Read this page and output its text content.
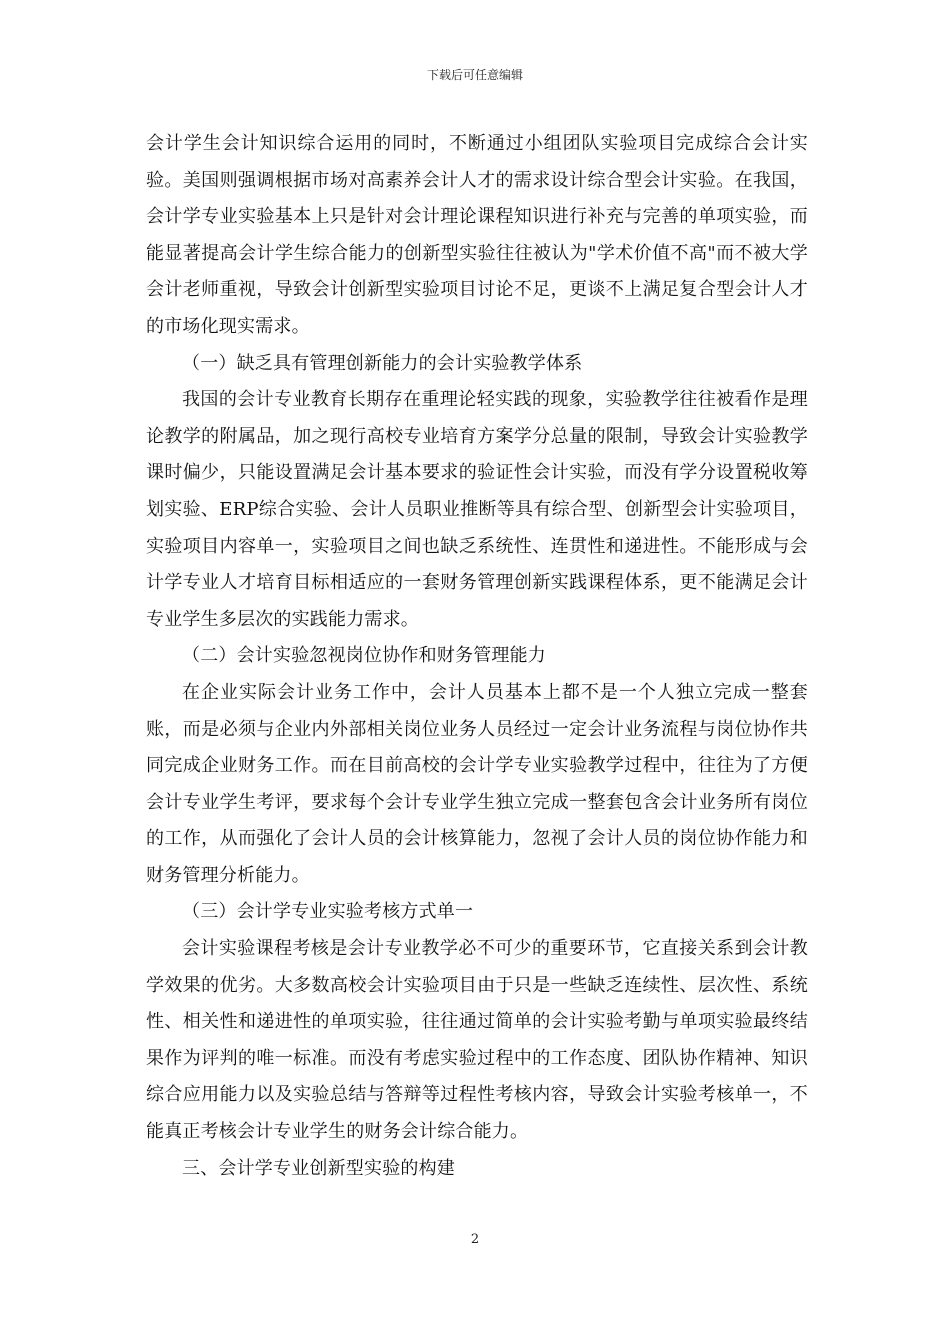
下载后可任意编辑

会计学生会计知识综合运用的同时，不断通过小组团队实验项目完成综合会计实验。美国则强调根据市场对高素养会计人才的需求设计综合型会计实验。在我国，会计学专业实验基本上只是针对会计理论课程知识进行补充与完善的单项实验，而能显著提高会计学生综合能力的创新型实验往往被认为"学术价值不高"而不被大学会计老师重视，导致会计创新型实验项目讨论不足，更谈不上满足复合型会计人才的市场化现实需求。

（一）缺乏具有管理创新能力的会计实验教学体系

我国的会计专业教育长期存在重理论轻实践的现象，实验教学往往被看作是理论教学的附属品，加之现行高校专业培育方案学分总量的限制，导致会计实验教学课时偏少，只能设置满足会计基本要求的验证性会计实验，而没有学分设置税收筹划实验、ERP综合实验、会计人员职业推断等具有综合型、创新型会计实验项目，实验项目内容单一，实验项目之间也缺乏系统性、连贯性和递进性。不能形成与会计学专业人才培育目标相适应的一套财务管理创新实践课程体系，更不能满足会计专业学生多层次的实践能力需求。

（二）会计实验忽视岗位协作和财务管理能力

在企业实际会计业务工作中，会计人员基本上都不是一个人独立完成一整套账，而是必须与企业内外部相关岗位业务人员经过一定会计业务流程与岗位协作共同完成企业财务工作。而在目前高校的会计学专业实验教学过程中，往往为了方便会计专业学生考评，要求每个会计专业学生独立完成一整套包含会计业务所有岗位的工作，从而强化了会计人员的会计核算能力，忽视了会计人员的岗位协作能力和财务管理分析能力。

（三）会计学专业实验考核方式单一

会计实验课程考核是会计专业教学必不可少的重要环节，它直接关系到会计教学效果的优劣。大多数高校会计实验项目由于只是一些缺乏连续性、层次性、系统性、相关性和递进性的单项实验，往往通过简单的会计实验考勤与单项实验最终结果作为评判的唯一标准。而没有考虑实验过程中的工作态度、团队协作精神、知识综合应用能力以及实验总结与答辩等过程性考核内容，导致会计实验考核单一，不能真正考核会计专业学生的财务会计综合能力。

三、会计学专业创新型实验的构建

2
